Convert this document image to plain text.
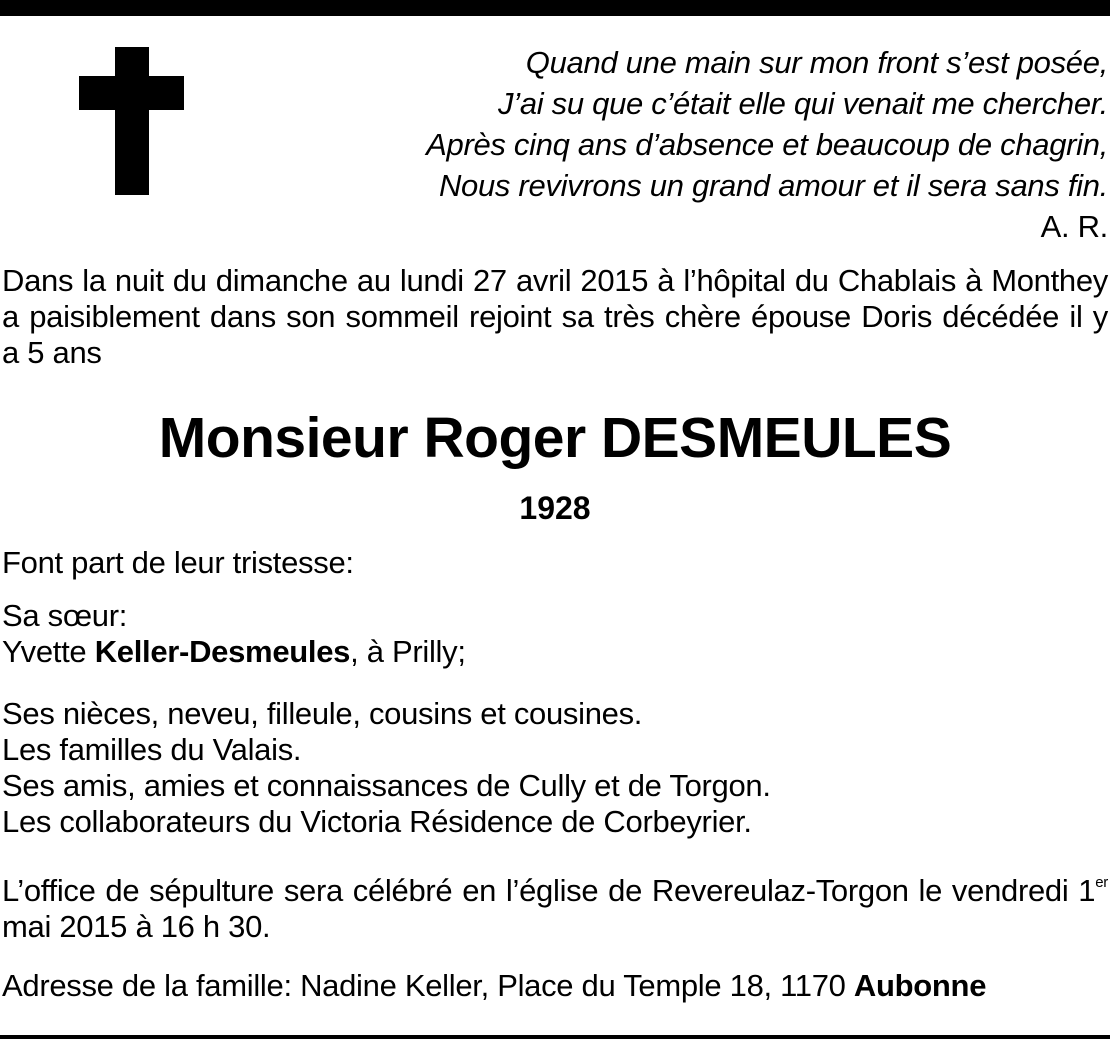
Quand une main sur mon front s’est posée,
J’ai su que c’était elle qui venait me chercher.
Après cinq ans d’absence et beaucoup de chagrin,
Nous revivrons un grand amour et il sera sans fin.
A. R.
Dans la nuit du dimanche au lundi 27 avril 2015 à l’hôpital du Chablais à Monthey a paisiblement dans son sommeil rejoint sa très chère épouse Doris décédée il y a 5 ans
Monsieur Roger DESMEULES
1928
Font part de leur tristesse:
Sa sœur:
Yvette Keller-Desmeules, à Prilly;
Ses nièces, neveu, filleule, cousins et cousines.
Les familles du Valais.
Ses amis, amies et connaissances de Cully et de Torgon.
Les collaborateurs du Victoria Résidence de Corbeyrier.
L’office de sépulture sera célébré en l’église de Revereulaz-Torgon le vendredi 1er mai 2015 à 16 h 30.
Adresse de la famille: Nadine Keller, Place du Temple 18, 1170 Aubonne
